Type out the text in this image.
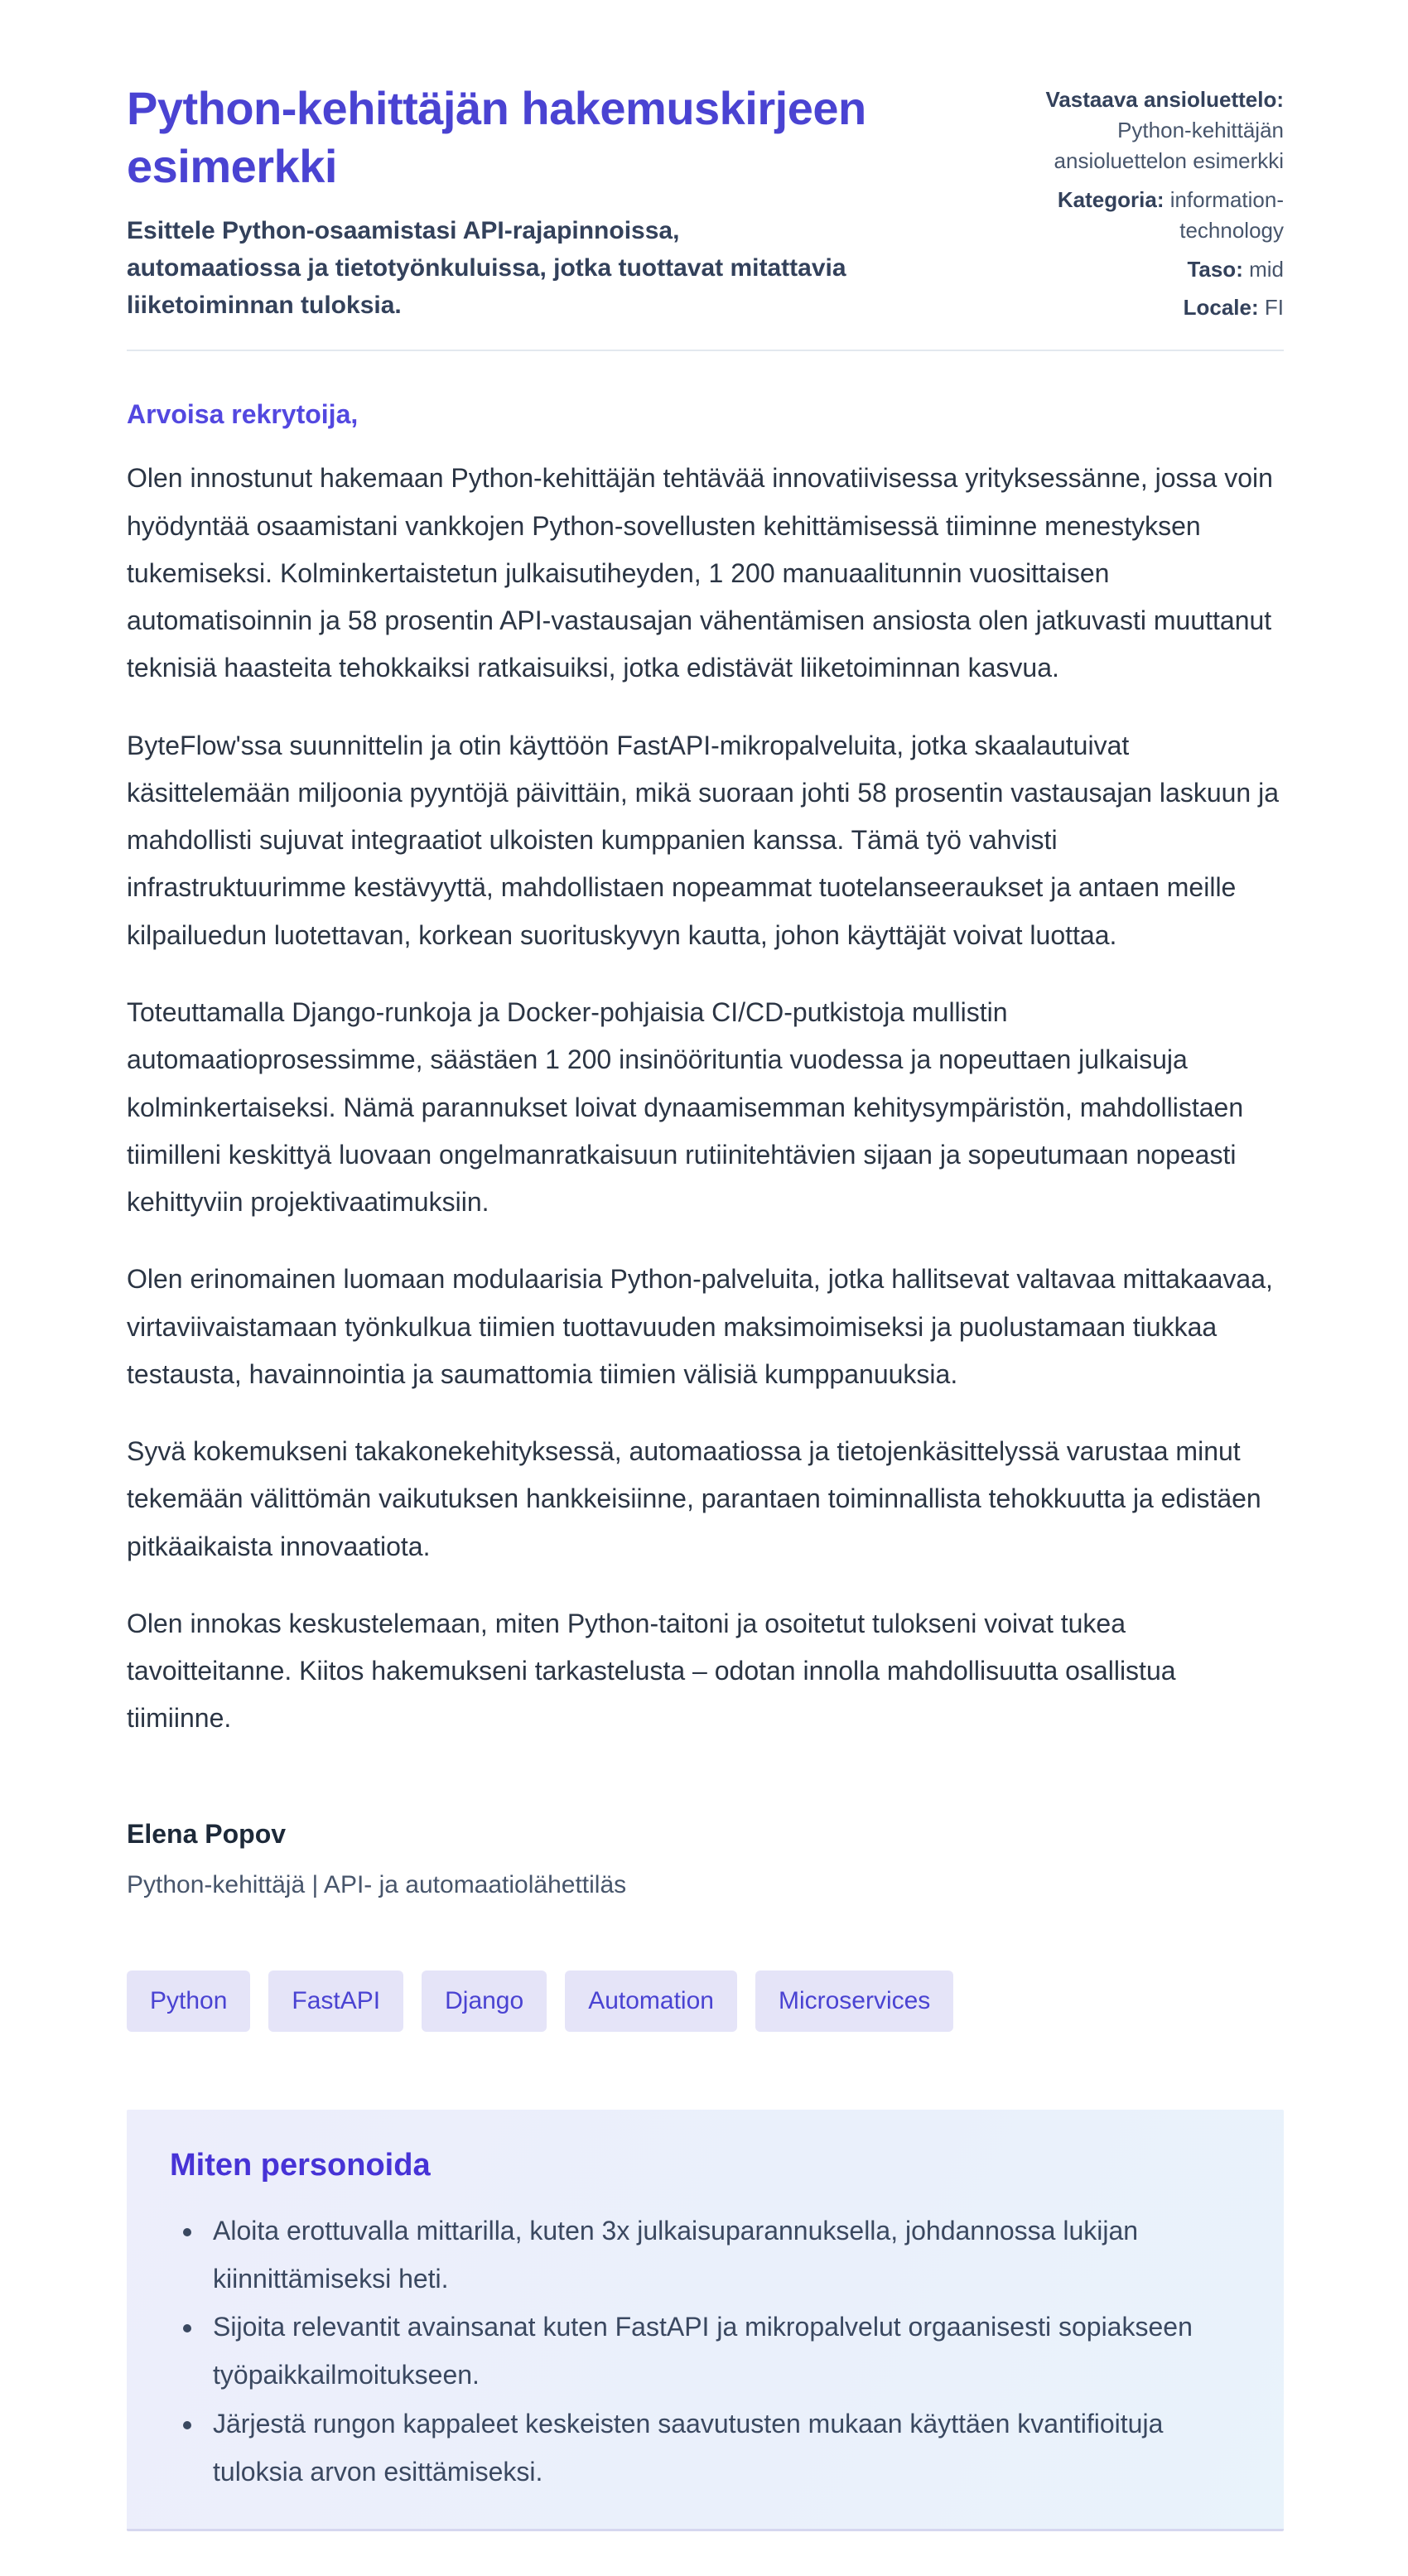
Python-kehittäjän hakemuskirjeen esimerkki

Esittele Python-osaamistasi API-rajapinnoissa, automaatiossa ja tietotyönkuluissa, jotka tuottavat mitattavia liiketoiminnan tuloksia.

Vastaava ansioluettelo: Python-kehittäjän ansioluettelon esimerkki

Kategoria: information-technology

Taso: mid

Locale: FI

Arvoisa rekrytoija,

Olen innostunut hakemaan Python-kehittäjän tehtävää innovatiivisessa yrityksessänne, jossa voin hyödyntää osaamistani vankkojen Python-sovellusten kehittämisessä tiiminne menestyksen tukemiseksi. Kolminkertaistetun julkaisutiheyden, 1 200 manuaalitunnin vuosittaisen automatisoinnin ja 58 prosentin API-vastausajan vähentämisen ansiosta olen jatkuvasti muuttanut teknisiä haasteita tehokkaiksi ratkaisuiksi, jotka edistävät liiketoiminnan kasvua.

ByteFlow'ssa suunnittelin ja otin käyttöön FastAPI-mikropalveluita, jotka skaalautuivat käsittelemään miljoonia pyyntöjä päivittäin, mikä suoraan johti 58 prosentin vastausajan laskuun ja mahdollisti sujuvat integraatiot ulkoisten kumppanien kanssa. Tämä työ vahvisti infrastruktuurimme kestävyyttä, mahdollistaen nopeammat tuotelanseeraukset ja antaen meille kilpailuedun luotettavan, korkean suorituskyvyn kautta, johon käyttäjät voivat luottaa.

Toteuttamalla Django-runkoja ja Docker-pohjaisia CI/CD-putkistoja mullistin automaatioprosessimme, säästäen 1 200 insinöörituntia vuodessa ja nopeuttaen julkaisuja kolminkertaiseksi. Nämä parannukset loivat dynaamisemman kehitysympäristön, mahdollistaen tiimilleni keskittyä luovaan ongelmanratkaisuun rutiinitehtävien sijaan ja sopeutumaan nopeasti kehittyviin projektivaatimuksiin.

Olen erinomainen luomaan modulaarisia Python-palveluita, jotka hallitsevat valtavaa mittakaavaa, virtaviivaistamaan työnkulkua tiimien tuottavuuden maksimoimiseksi ja puolustamaan tiukkaa testausta, havainnointia ja saumattomia tiimien välisiä kumppanuuksia.

Syvä kokemukseni takakonekehityksessä, automaatiossa ja tietojenkäsittelyssä varustaa minut tekemään välittömän vaikutuksen hankkeisiinne, parantaen toiminnallista tehokkuutta ja edistäen pitkäaikaista innovaatiota.

Olen innokas keskustelemaan, miten Python-taitoni ja osoitetut tulokseni voivat tukea tavoitteitanne. Kiitos hakemukseni tarkastelusta – odotan innolla mahdollisuutta osallistua tiimiinne.

Elena Popov

Python-kehittäjä | API- ja automaatiolähettiläs

Python	FastAPI	Django	Automation	Microservices
Miten personoida
• Aloita erottuvalla mittarilla, kuten 3x julkaisuparannuksella, johdannossa lukijan kiinnittämiseksi heti.
• Sijoita relevantit avainsanat kuten FastAPI ja mikropalvelut orgaanisesti sopiakseen työpaikkailmoitukseen.
• Järjestä rungon kappaleet keskeisten saavutusten mukaan käyttäen kvantifioituja tuloksia arvon esittämiseksi.
